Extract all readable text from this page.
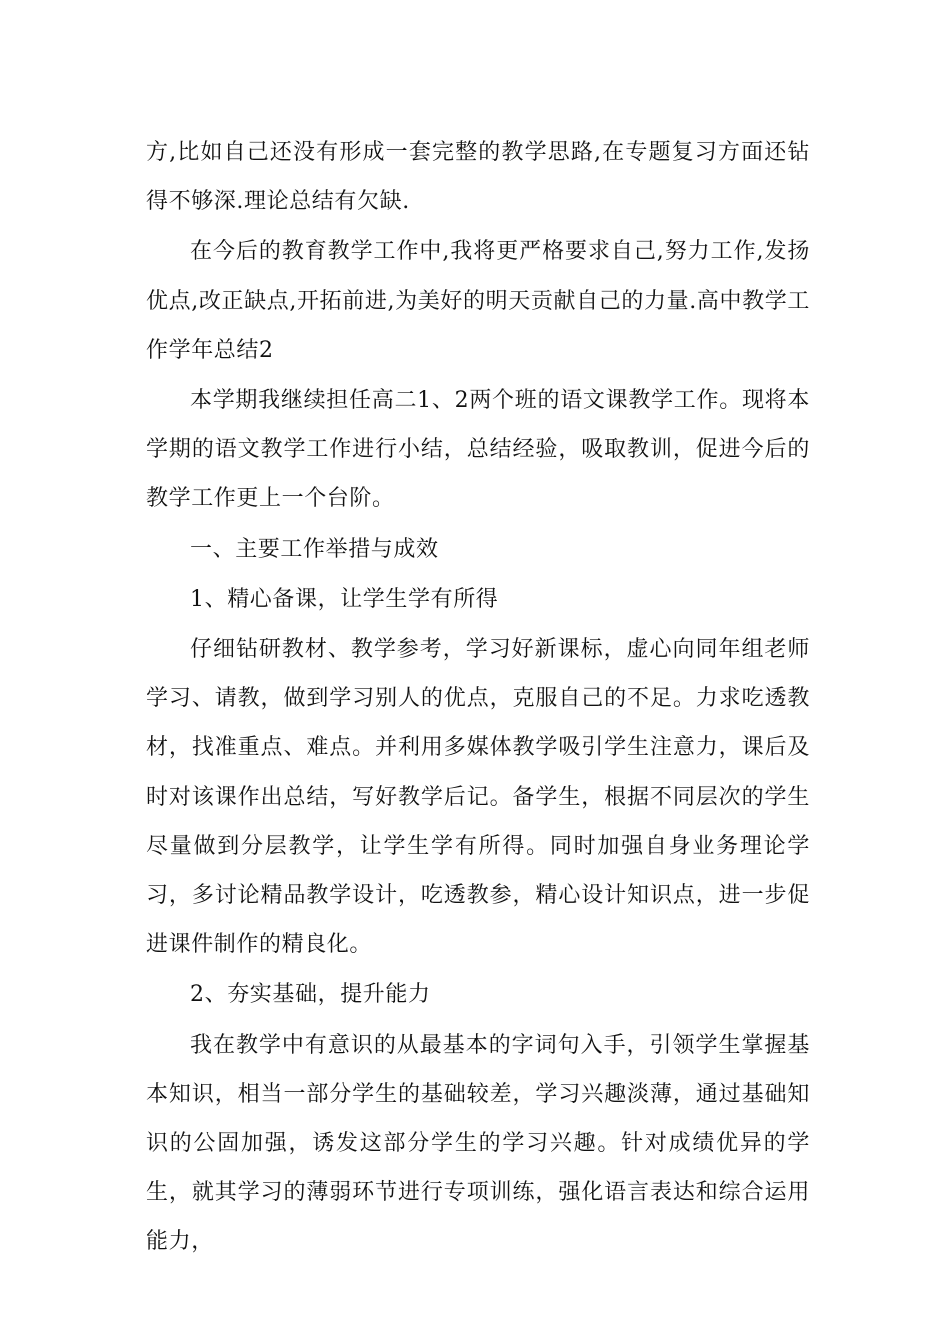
方,比如自己还没有形成一套完整的教学思路,在专题复习方面还钻得不够深.理论总结有欠缺.

在今后的教育教学工作中,我将更严格要求自己,努力工作,发扬优点,改正缺点,开拓前进,为美好的明天贡献自己的力量.高中教学工作学年总结2

本学期我继续担任高二1、2两个班的语文课教学工作。现将本学期的语文教学工作进行小结，总结经验，吸取教训，促进今后的教学工作更上一个台阶。

一、主要工作举措与成效

1、精心备课，让学生学有所得

仔细钻研教材、教学参考，学习好新课标，虚心向同年组老师学习、请教，做到学习别人的优点，克服自己的不足。力求吃透教材，找准重点、难点。并利用多媒体教学吸引学生注意力，课后及时对该课作出总结，写好教学后记。备学生，根据不同层次的学生尽量做到分层教学，让学生学有所得。同时加强自身业务理论学习，多讨论精品教学设计，吃透教参，精心设计知识点，进一步促进课件制作的精良化。

2、夯实基础，提升能力

我在教学中有意识的从最基本的字词句入手，引领学生掌握基本知识，相当一部分学生的基础较差，学习兴趣淡薄，通过基础知识的公固加强，诱发这部分学生的学习兴趣。针对成绩优异的学生，就其学习的薄弱环节进行专项训练，强化语言表达和综合运用能力，
